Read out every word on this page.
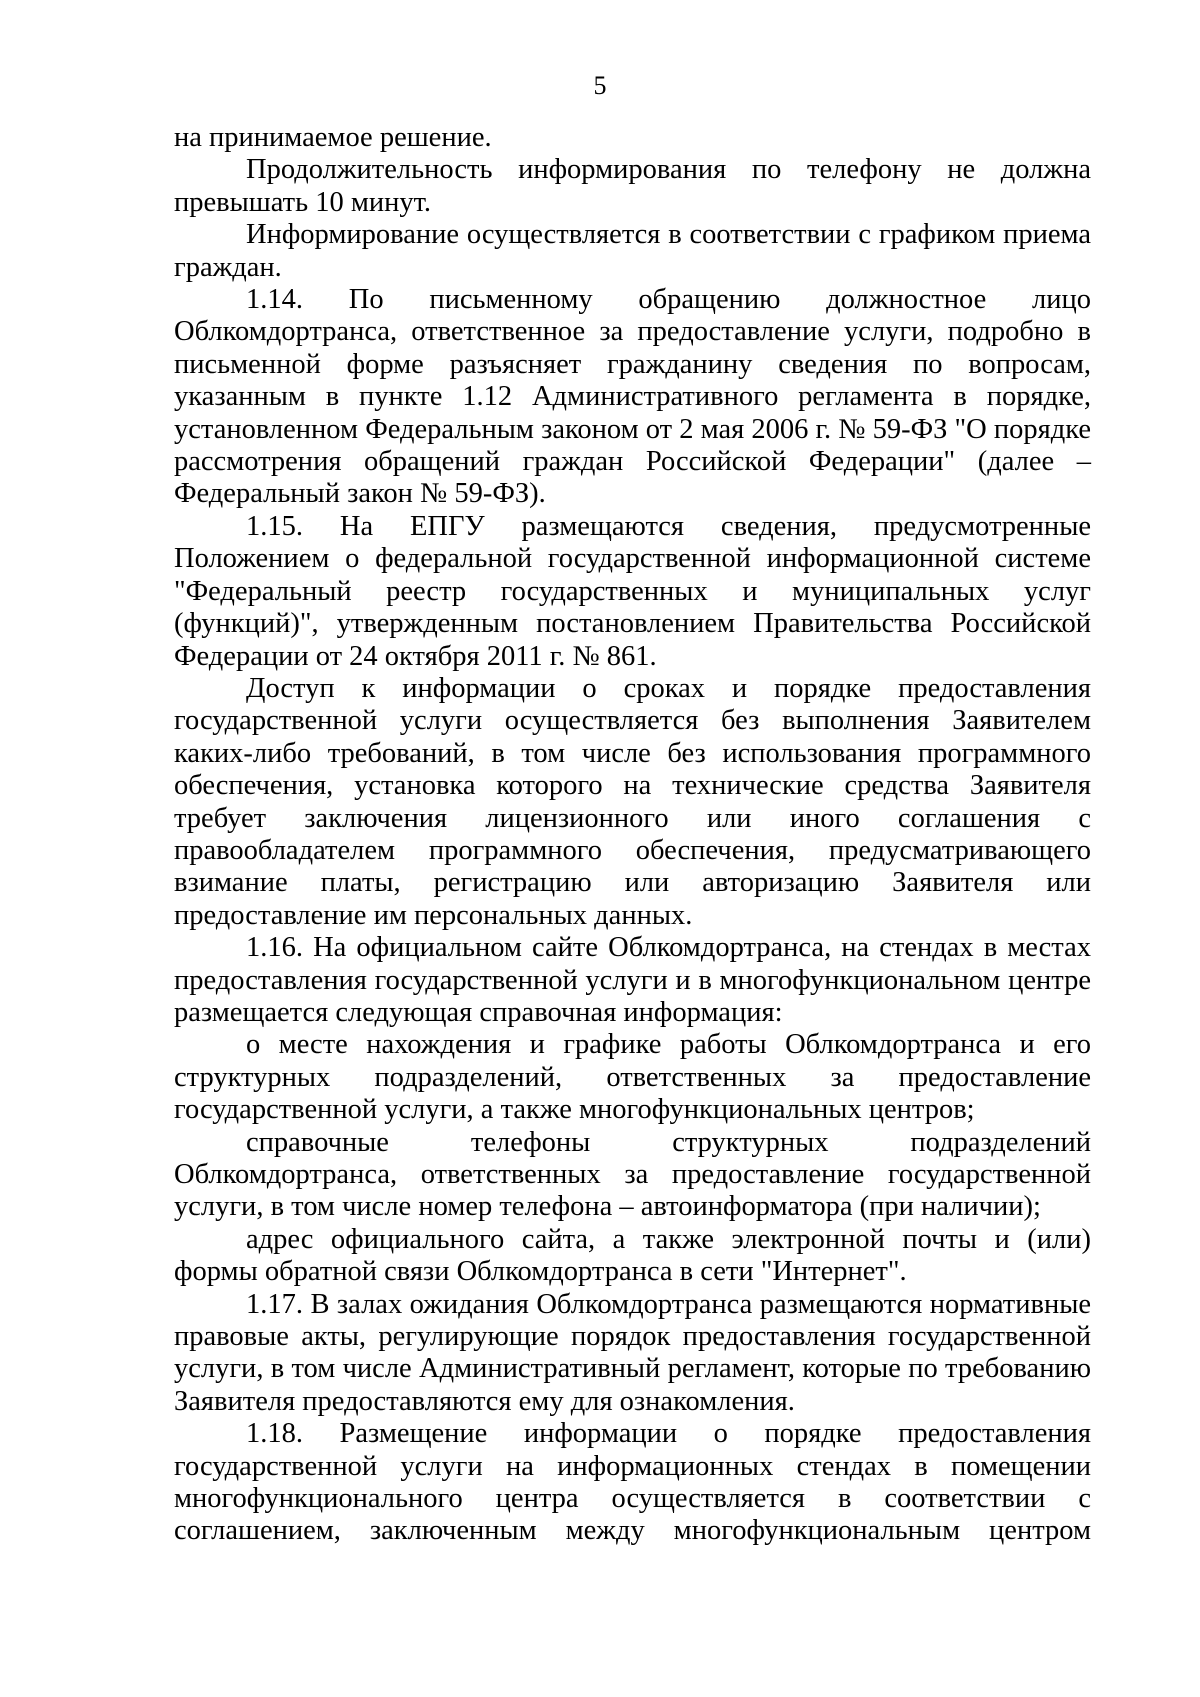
5

на принимаемое решение.

Продолжительность информирования по телефону не должна превышать 10 минут.

Информирование осуществляется в соответствии с графиком приема граждан.

1.14. По письменному обращению должностное лицо Облкомдортранса, ответственное за предоставление услуги, подробно в письменной форме разъясняет гражданину сведения по вопросам, указанным в пункте 1.12 Административного регламента в порядке, установленном Федеральным законом от 2 мая 2006 г. № 59-ФЗ "О порядке рассмотрения обращений граждан Российской Федерации" (далее – Федеральный закон № 59-ФЗ).

1.15. На ЕПГУ размещаются сведения, предусмотренные Положением о федеральной государственной информационной системе "Федеральный реестр государственных и муниципальных услуг (функций)", утвержденным постановлением Правительства Российской Федерации от 24 октября 2011 г. № 861.

Доступ к информации о сроках и порядке предоставления государственной услуги осуществляется без выполнения Заявителем каких-либо требований, в том числе без использования программного обеспечения, установка которого на технические средства Заявителя требует заключения лицензионного или иного соглашения с правообладателем программного обеспечения, предусматривающего взимание платы, регистрацию или авторизацию Заявителя или предоставление им персональных данных.

1.16. На официальном сайте Облкомдортранса, на стендах в местах предоставления государственной услуги и в многофункциональном центре размещается следующая справочная информация:

о месте нахождения и графике работы Облкомдортранса и его структурных подразделений, ответственных за предоставление государственной услуги, а также многофункциональных центров;

справочные телефоны структурных подразделений Облкомдортранса, ответственных за предоставление государственной услуги, в том числе номер телефона – автоинформатора (при наличии);

адрес официального сайта, а также электронной почты и (или) формы обратной связи Облкомдортранса в сети "Интернет".

1.17. В залах ожидания Облкомдортранса размещаются нормативные правовые акты, регулирующие порядок предоставления государственной услуги, в том числе Административный регламент, которые по требованию Заявителя предоставляются ему для ознакомления.

1.18. Размещение информации о порядке предоставления государственной услуги на информационных стендах в помещении многофункционального центра осуществляется в соответствии с соглашением, заключенным между многофункциональным центром
